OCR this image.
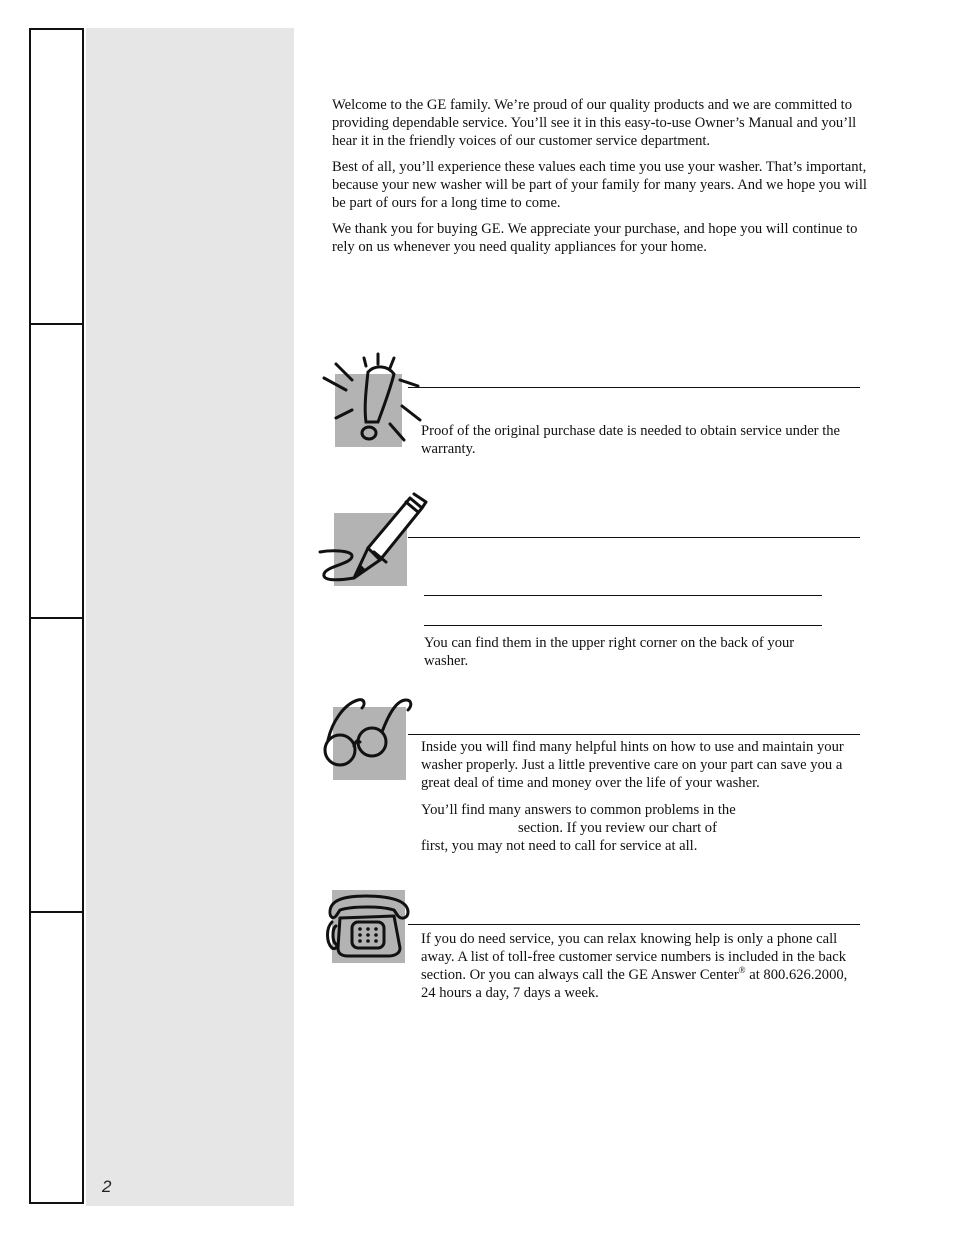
2

Welcome to the GE family. We’re proud of our quality products and we are committed to providing dependable service. You’ll see it in this easy-to-use Owner’s Manual and you’ll hear it in the friendly voices of our customer service department.

Best of all, you’ll experience these values each time you use your washer. That’s important, because your new washer will be part of your family for many years. And we hope you will be part of ours for a long time to come.

We thank you for buying GE. We appreciate your purchase, and hope you will continue to rely on us whenever you need quality appliances for your home.

Proof of the original purchase date is needed to obtain service under the warranty.
You can find them in the upper right corner on the back of your washer.

Inside you will find many helpful hints on how to use and maintain your washer properly. Just a little preventive care on your part can save you a great deal of time and money over the life of your washer.

You’ll find many answers to common problems in the
section. If you review our chart of
first, you may not need to call for service at all.

If you do need service, you can relax knowing help is only a phone call away. A list of toll-free customer service numbers is included in the back section. Or you can always call the GE Answer Center® at 800.626.2000, 24 hours a day, 7 days a week.
